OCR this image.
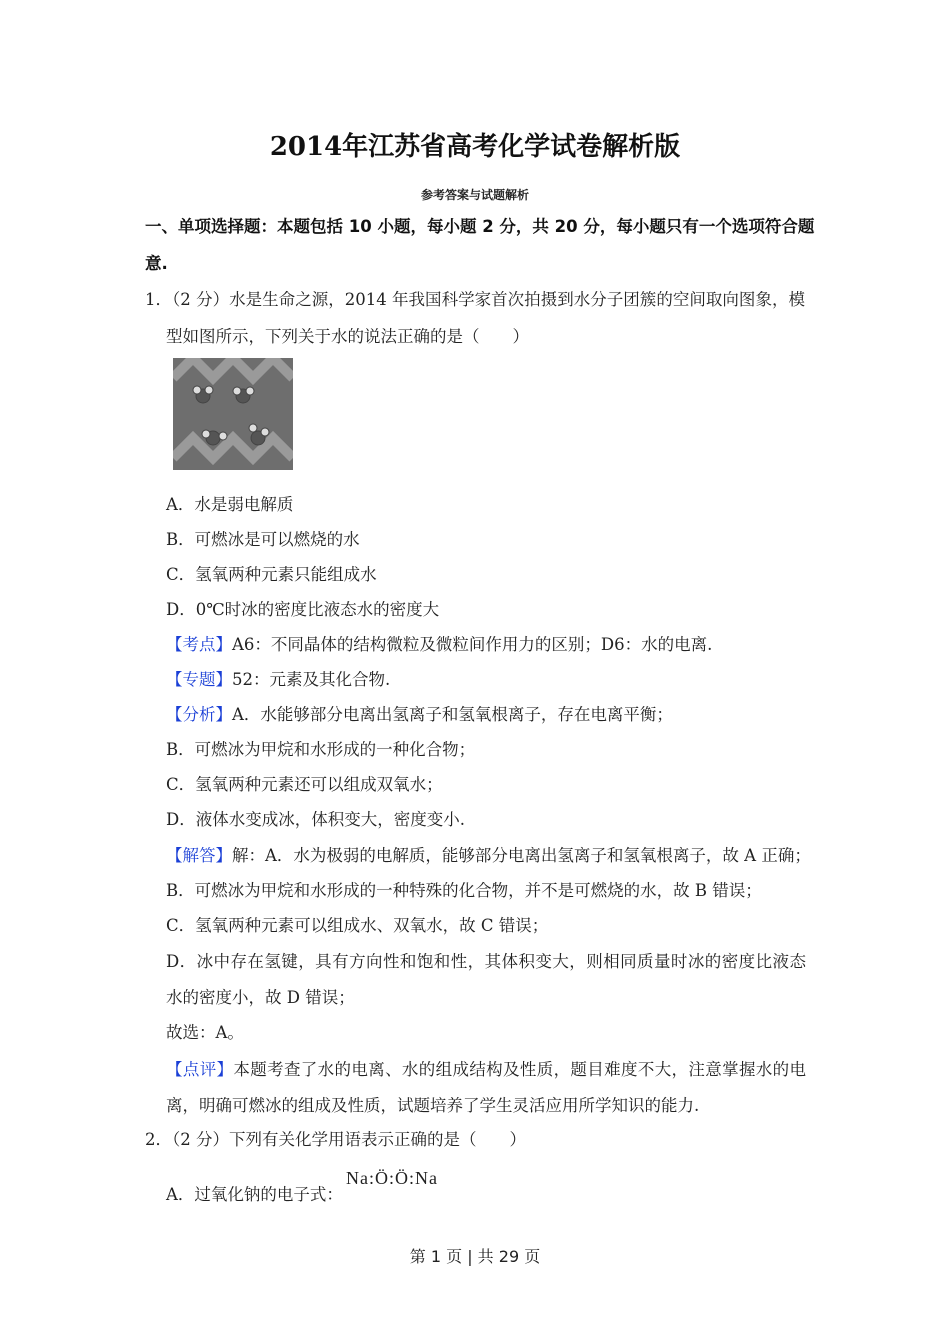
2014年江苏省高考化学试卷解析版
参考答案与试题解析
一、单项选择题：本题包括 10 小题，每小题 2 分，共 20 分，每小题只有一个选项符合题
意.
1．（2 分）水是生命之源，2014 年我国科学家首次拍摄到水分子团簇的空间取向图象，模
型如图所示，下列关于水的说法正确的是（　　）
A．水是弱电解质
B．可燃冰是可以燃烧的水
C．氢氧两种元素只能组成水
D．0℃时冰的密度比液态水的密度大
【考点】A6：不同晶体的结构微粒及微粒间作用力的区别；D6：水的电离.
【专题】52：元素及其化合物.
【分析】A．水能够部分电离出氢离子和氢氧根离子，存在电离平衡；
B．可燃冰为甲烷和水形成的一种化合物；
C．氢氧两种元素还可以组成双氧水；
D．液体水变成冰，体积变大，密度变小.
【解答】解：A．水为极弱的电解质，能够部分电离出氢离子和氢氧根离子，故 A 正确；
B．可燃冰为甲烷和水形成的一种特殊的化合物，并不是可燃烧的水，故 B 错误；
C．氢氧两种元素可以组成水、双氧水，故 C 错误；
D．冰中存在氢键，具有方向性和饱和性，其体积变大，则相同质量时冰的密度比液态
水的密度小，故 D 错误；
故选：A。
【点评】本题考查了水的电离、水的组成结构及性质，题目难度不大，注意掌握水的电
离，明确可燃冰的组成及性质，试题培养了学生灵活应用所学知识的能力.
2．（2 分）下列有关化学用语表示正确的是（　　）
A．过氧化钠的电子式：
Na:Ö:Ö:Na
第 1 页 | 共 29 页
